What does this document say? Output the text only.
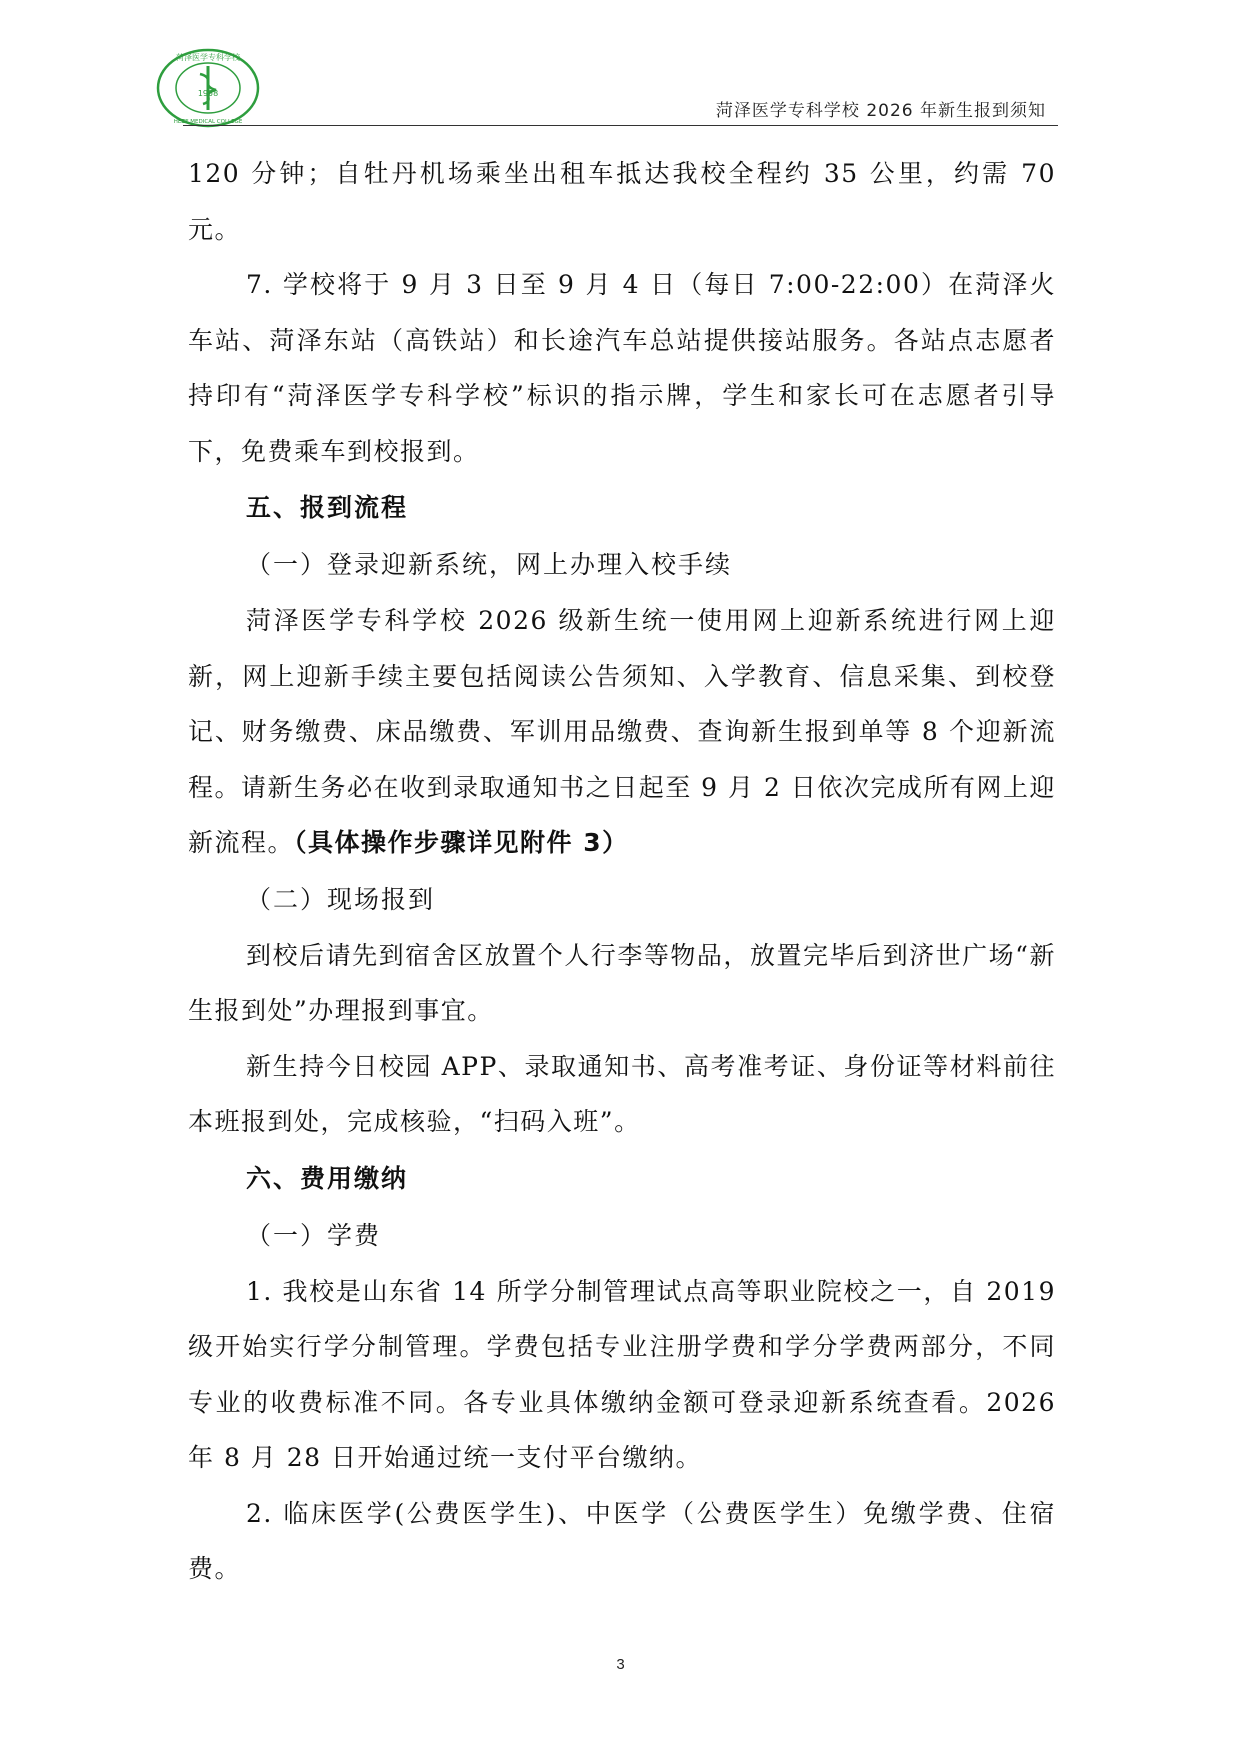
菏泽医学专科学校
1958
HEZE MEDICAL COLLEGE
菏泽医学专科学校 2026 年新生报到须知

120 分钟；自牡丹机场乘坐出租车抵达我校全程约 35 公里，约需 70 元。

7. 学校将于 9 月 3 日至 9 月 4 日（每日 7:00-22:00）在菏泽火车站、菏泽东站（高铁站）和长途汽车总站提供接站服务。各站点志愿者持印有“菏泽医学专科学校”标识的指示牌，学生和家长可在志愿者引导下，免费乘车到校报到。

五、报到流程

（一）登录迎新系统，网上办理入校手续

菏泽医学专科学校 2026 级新生统一使用网上迎新系统进行网上迎新，网上迎新手续主要包括阅读公告须知、入学教育、信息采集、到校登记、财务缴费、床品缴费、军训用品缴费、查询新生报到单等 8 个迎新流程。请新生务必在收到录取通知书之日起至 9 月 2 日依次完成所有网上迎新流程。（具体操作步骤详见附件 3）

（二）现场报到

到校后请先到宿舍区放置个人行李等物品，放置完毕后到济世广场“新生报到处”办理报到事宜。

新生持今日校园 APP、录取通知书、高考准考证、身份证等材料前往本班报到处，完成核验，“扫码入班”。

六、费用缴纳

（一）学费

1. 我校是山东省 14 所学分制管理试点高等职业院校之一，自 2019 级开始实行学分制管理。学费包括专业注册学费和学分学费两部分，不同专业的收费标准不同。各专业具体缴纳金额可登录迎新系统查看。2026 年 8 月 28 日开始通过统一支付平台缴纳。

2. 临床医学(公费医学生)、中医学（公费医学生）免缴学费、住宿费。

3
